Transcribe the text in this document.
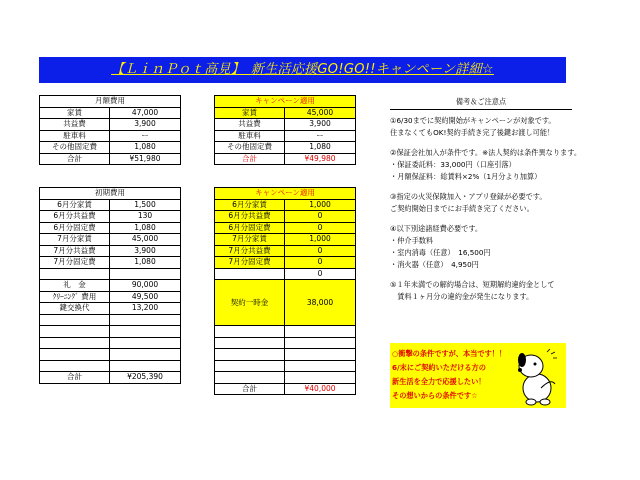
【ＬｉｎＰｏｔ高見】　新生活応援GO!GO!!キャンペーン詳細☆
月額費用	
家賃	47,000
共益費	3,900
駐車料	ー
その他固定費	1,080
合計	¥51,980
キャンペーン適用	
家賃	45,000
共益費	3,900
駐車料	ー
その他固定費	1,080
合計	¥49,980
初期費用	
6月分家賃	1,500
6月分共益費	130
6月分固定費	1,080
7月分家賃	45,000
7月分共益費	3,900
7月分固定費	1,080

礼　金	90,000
ｸﾘｰﾆﾝｸﾞ 費用	49,500
鍵交換代	13,200

合計	¥205,390
キャンペーン適用	
6月分家賃	1,000
6月分共益費	0
6月分固定費	0
7月分家賃	1,000
7月分共益費	0
7月分固定費	0
	0
契約一時金	38,000

合計	¥40,000
備考＆ご注意点

①6/30までに契約開始がキャンペーンが対象です。

住まなくてもOK!契約手続き完了後鍵お渡し可能！

②保証会社加入が条件です。※法人契約は条件異なります。

・保証委託料：33,000円（口座引落）

・月額保証料：総賃料×2%（1月分より加算）

③指定の火災保険加入・アプリ登録が必要です。

ご契約開始日までにお手続き完了ください。

④以下別途諸経費必要です。

・仲介手数料

・室内消毒（任意）　16,500円

・消火器（任意）　4,950円

⑤１年未満での解約場合は、短期解約違約金として

　賃料１ヶ月分の違約金が発生になります。

○衝撃の条件ですが、本当です！！

6/末にご契約いただける方の

新生活を全力で応援したい！

その想いからの条件です☆
